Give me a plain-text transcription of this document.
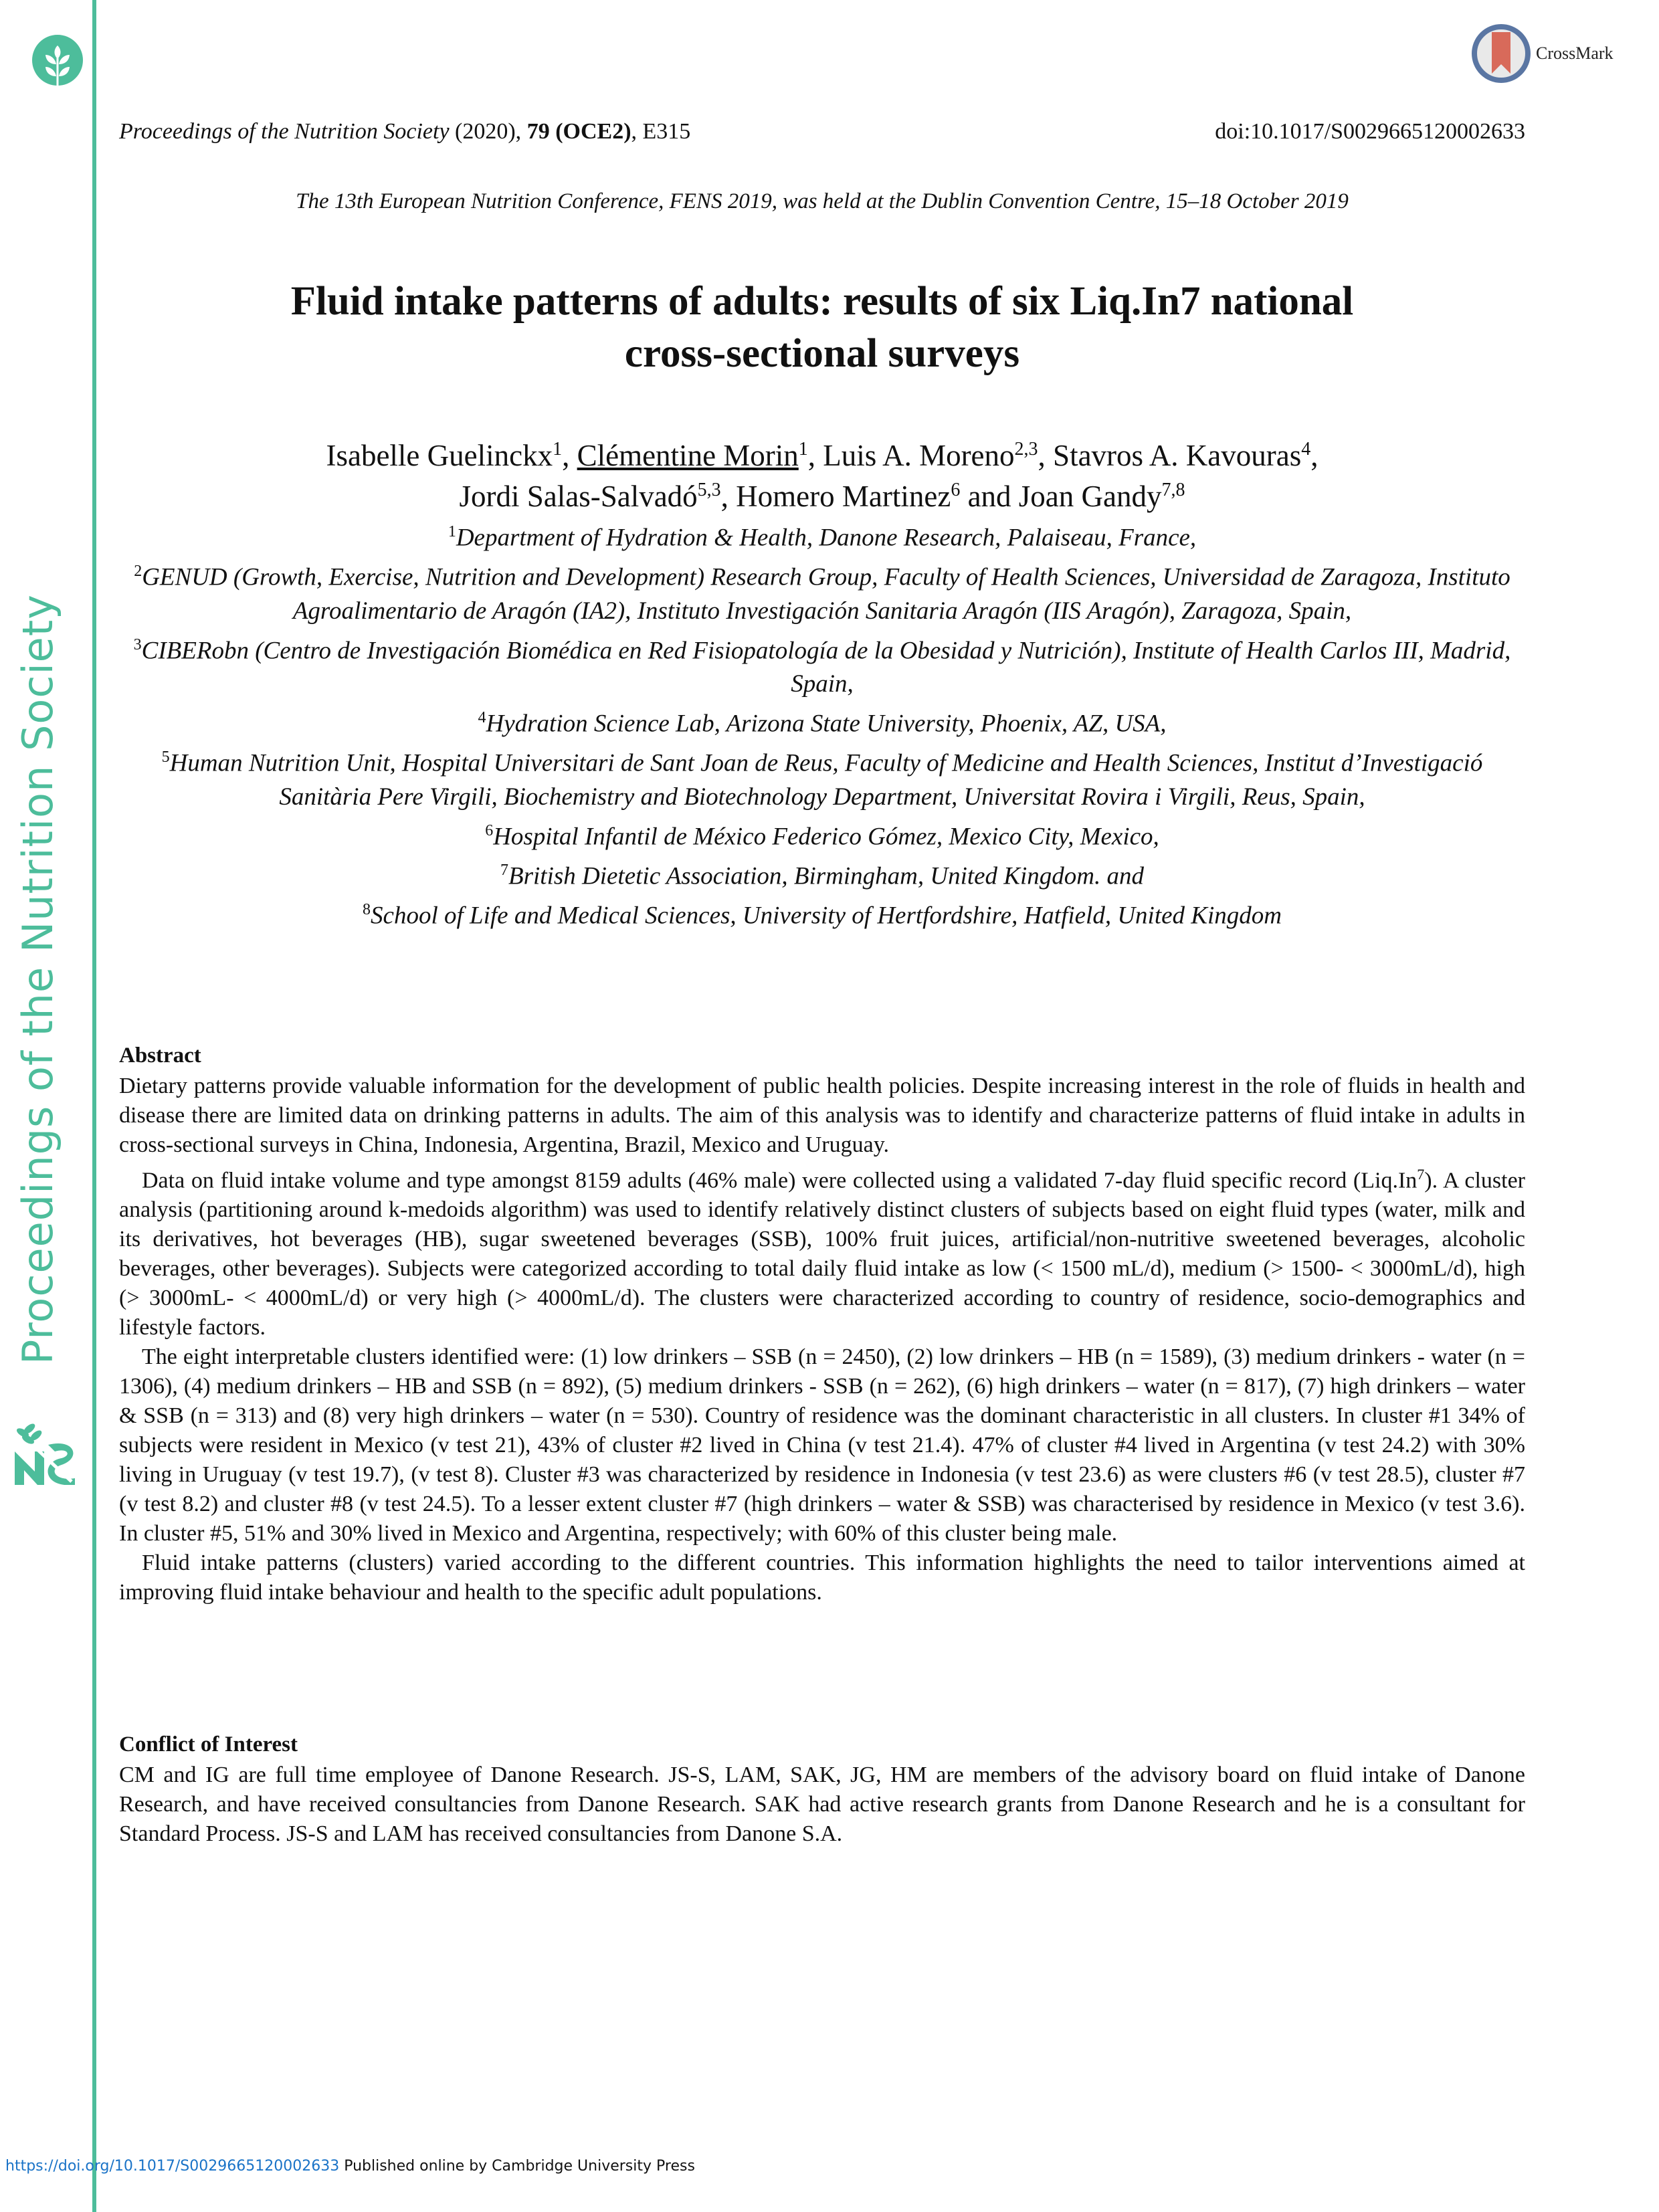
Proceedings of the Nutrition Society
CrossMark
Proceedings of the Nutrition Society (2020), 79 (OCE2), E315	doi:10.1017/S0029665120002633
The 13th European Nutrition Conference, FENS 2019, was held at the Dublin Convention Centre, 15–18 October 2019
Fluid intake patterns of adults: results of six Liq.In7 national
cross-sectional surveys
Isabelle Guelinckx$^1$, Clémentine Morin$^1$, Luis A. Moreno$^{2,3}$, Stavros A. Kavouras$^4$,
Jordi Salas-Salvadó$^{5,3}$, Homero Martinez$^6$ and Joan Gandy$^{7,8}$
$^1$Department of Hydration & Health, Danone Research, Palaiseau, France,
$^2$GENUD (Growth, Exercise, Nutrition and Development) Research Group, Faculty of Health Sciences, Universidad de Zaragoza, Instituto Agroalimentario de Aragón (IA2), Instituto Investigación Sanitaria Aragón (IIS Aragón), Zaragoza, Spain,
$^3$CIBERobn (Centro de Investigación Biomédica en Red Fisiopatología de la Obesidad y Nutrición), Institute of Health Carlos III, Madrid, Spain,
$^4$Hydration Science Lab, Arizona State University, Phoenix, AZ, USA,
$^5$Human Nutrition Unit, Hospital Universitari de Sant Joan de Reus, Faculty of Medicine and Health Sciences, Institut d’Investigació Sanitària Pere Virgili, Biochemistry and Biotechnology Department, Universitat Rovira i Virgili, Reus, Spain,
$^6$Hospital Infantil de México Federico Gómez, Mexico City, Mexico,
$^7$British Dietetic Association, Birmingham, United Kingdom. and
$^8$School of Life and Medical Sciences, University of Hertfordshire, Hatfield, United Kingdom
Abstract

Dietary patterns provide valuable information for the development of public health policies. Despite increasing interest in the role of fluids in health and disease there are limited data on drinking patterns in adults. The aim of this analysis was to identify and characterize patterns of fluid intake in adults in cross-sectional surveys in China, Indonesia, Argentina, Brazil, Mexico and Uruguay.

Data on fluid intake volume and type amongst 8159 adults (46% male) were collected using a validated 7-day fluid specific record (Liq.In$^7$). A cluster analysis (partitioning around k-medoids algorithm) was used to identify relatively distinct clusters of subjects based on eight fluid types (water, milk and its derivatives, hot beverages (HB), sugar sweetened beverages (SSB), 100% fruit juices, artificial/non-nutritive sweetened beverages, alcoholic beverages, other beverages). Subjects were categorized according to total daily fluid intake as low (< 1500 mL/d), medium (> 1500- < 3000mL/d), high (> 3000mL- < 4000mL/d) or very high (> 4000mL/d). The clusters were characterized according to country of residence, socio-demographics and lifestyle factors.

The eight interpretable clusters identified were: (1) low drinkers – SSB (n = 2450), (2) low drinkers – HB (n = 1589), (3) medium drinkers - water (n = 1306), (4) medium drinkers – HB and SSB (n = 892), (5) medium drinkers - SSB (n = 262), (6) high drinkers – water (n = 817), (7) high drinkers – water & SSB (n = 313) and (8) very high drinkers – water (n = 530). Country of residence was the dominant characteristic in all clusters. In cluster #1 34% of subjects were resident in Mexico (v test 21), 43% of cluster #2 lived in China (v test 21.4). 47% of cluster #4 lived in Argentina (v test 24.2) with 30% living in Uruguay (v test 19.7), (v test 8). Cluster #3 was characterized by residence in Indonesia (v test 23.6) as were clusters #6 (v test 28.5), cluster #7 (v test 8.2) and cluster #8 (v test 24.5). To a lesser extent cluster #7 (high drinkers – water & SSB) was characterised by residence in Mexico (v test 3.6). In cluster #5, 51% and 30% lived in Mexico and Argentina, respectively; with 60% of this cluster being male.

Fluid intake patterns (clusters) varied according to the different countries. This information highlights the need to tailor interventions aimed at improving fluid intake behaviour and health to the specific adult populations.

Conflict of Interest

CM and IG are full time employee of Danone Research. JS-S, LAM, SAK, JG, HM are members of the advisory board on fluid intake of Danone Research, and have received consultancies from Danone Research. SAK had active research grants from Danone Research and he is a consultant for Standard Process. JS-S and LAM has received consultancies from Danone S.A.

https://doi.org/10.1017/S0029665120002633 Published online by Cambridge University Press
